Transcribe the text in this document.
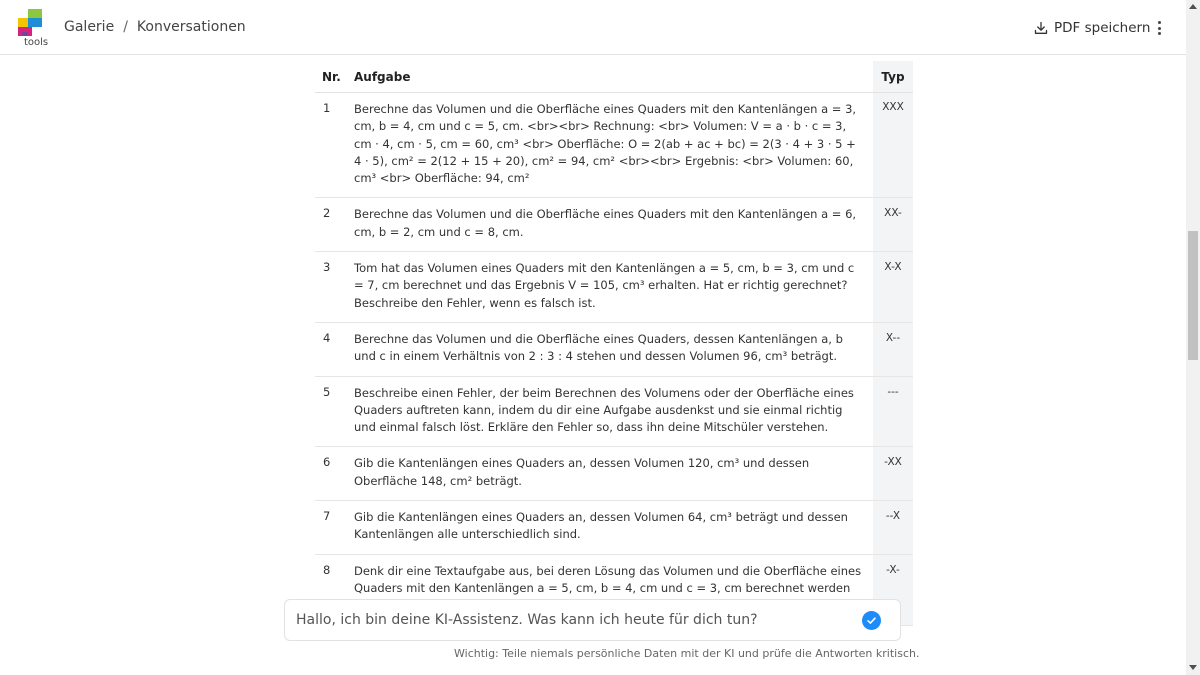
tools
Galerie / Konversationen	PDF speichern
Nr.	Aufgabe	Typ
1	Berechne das Volumen und die Oberfläche eines Quaders mit den Kantenlängen a = 3, cm, b = 4, cm und c = 5, cm. <br><br> Rechnung: <br> Volumen: V = a · b · c = 3, cm · 4, cm · 5, cm = 60, cm³ <br> Oberfläche: O = 2(ab + ac + bc) = 2(3 · 4 + 3 · 5 + 4 · 5), cm² = 2(12 + 15 + 20), cm² = 94, cm² <br><br> Ergebnis: <br> Volumen: 60, cm³ <br> Oberfläche: 94, cm²	XXX
2	Berechne das Volumen und die Oberfläche eines Quaders mit den Kantenlängen a = 6, cm, b = 2, cm und c = 8, cm.	XX-
3	Tom hat das Volumen eines Quaders mit den Kantenlängen a = 5, cm, b = 3, cm und c = 7, cm berechnet und das Ergebnis V = 105, cm³ erhalten. Hat er richtig gerechnet? Beschreibe den Fehler, wenn es falsch ist.	X-X
4	Berechne das Volumen und die Oberfläche eines Quaders, dessen Kantenlängen a, b und c in einem Verhältnis von 2 : 3 : 4 stehen und dessen Volumen 96, cm³ beträgt.	X--
5	Beschreibe einen Fehler, der beim Berechnen des Volumens oder der Oberfläche eines Quaders auftreten kann, indem du dir eine Aufgabe ausdenkst und sie einmal richtig und einmal falsch löst. Erkläre den Fehler so, dass ihn deine Mitschüler verstehen.	---
6	Gib die Kantenlängen eines Quaders an, dessen Volumen 120, cm³ und dessen Oberfläche 148, cm² beträgt.	-XX
7	Gib die Kantenlängen eines Quaders an, dessen Volumen 64, cm³ beträgt und dessen Kantenlängen alle unterschiedlich sind.	--X
8	Denk dir eine Textaufgabe aus, bei deren Lösung das Volumen und die Oberfläche eines Quaders mit den Kantenlängen a = 5, cm, b = 4, cm und c = 3, cm berechnet werden	-X-
Hallo, ich bin deine KI-Assistenz. Was kann ich heute für dich tun?
Wichtig: Teile niemals persönliche Daten mit der KI und prüfe die Antworten kritisch.
